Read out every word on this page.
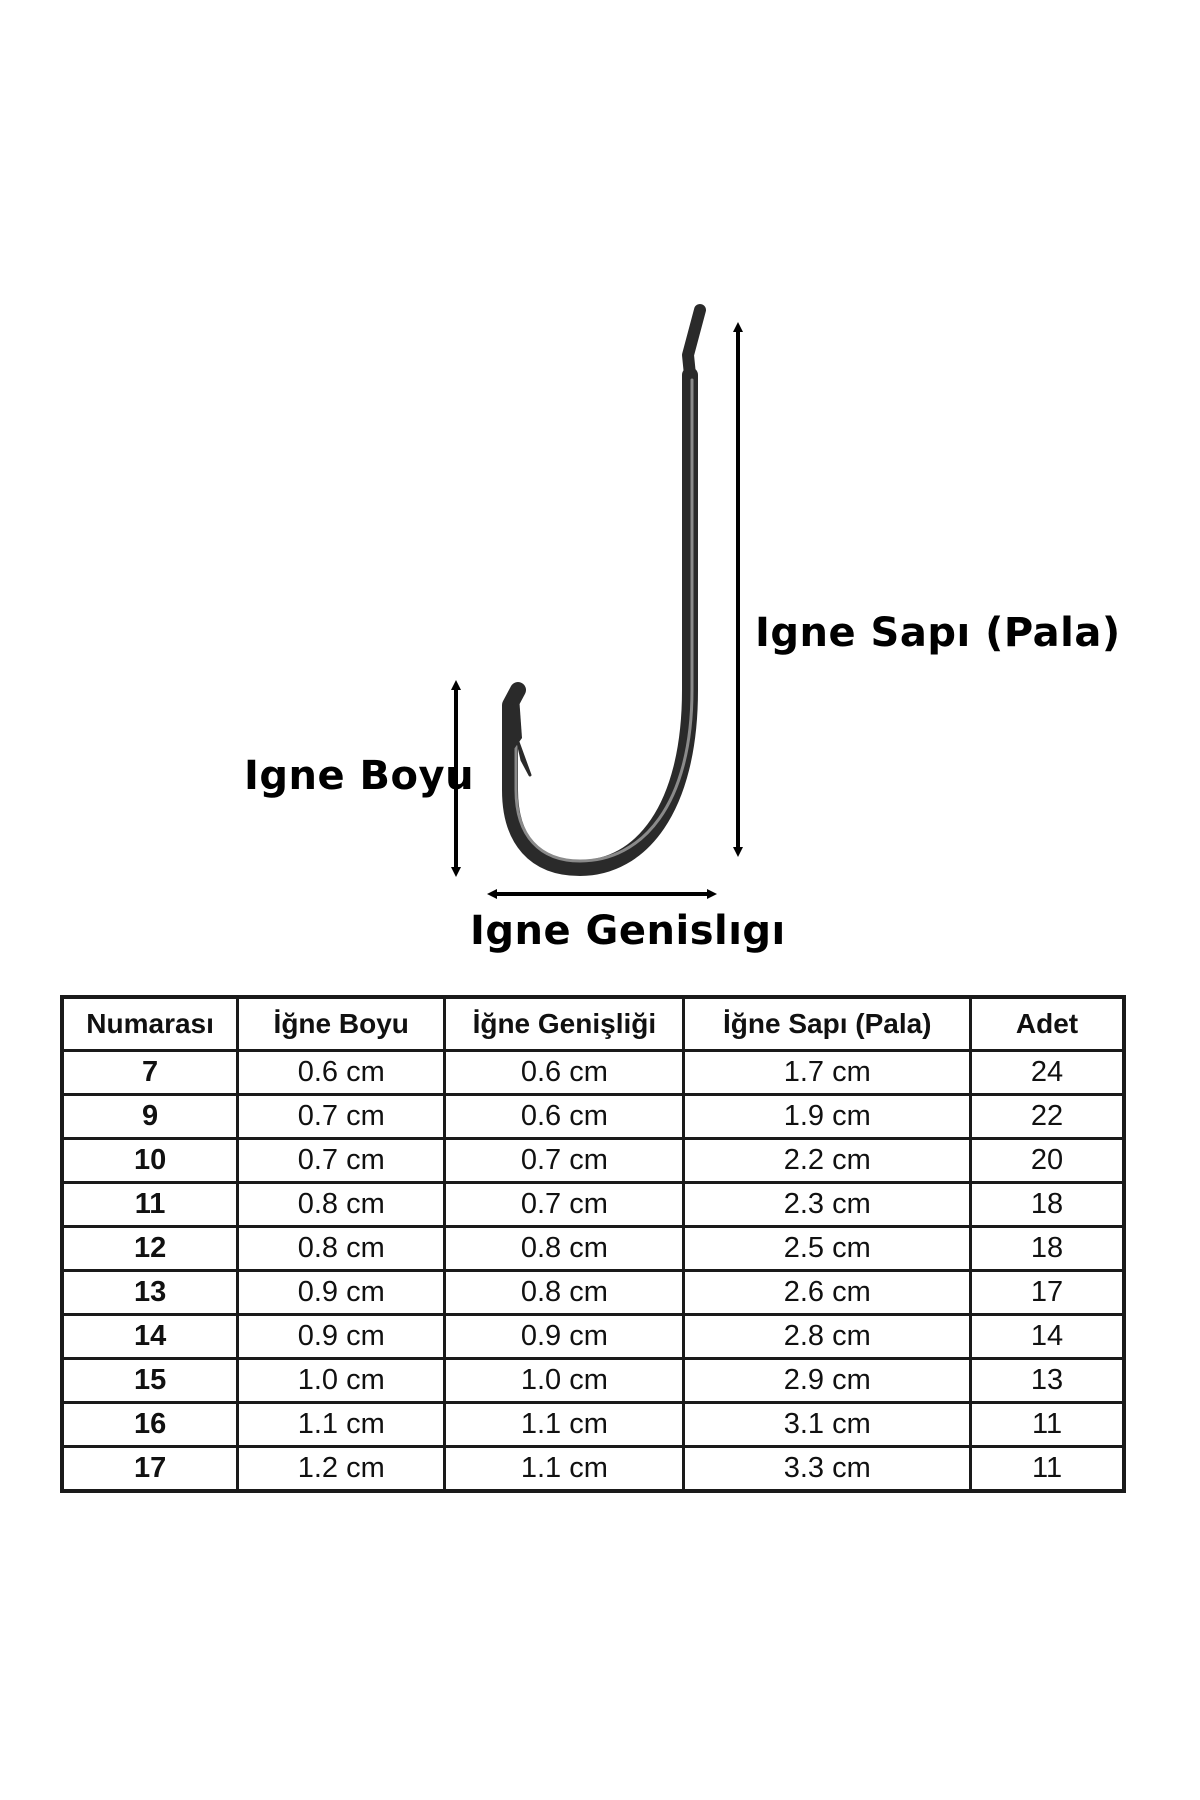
Igne Boyu
Igne Sapı (Pala)
Igne Genislıgı
Numarası	İğne Boyu	İğne Genişliği	İğne Sapı (Pala)	Adet
7	0.6 cm	0.6 cm	1.7 cm	24
9	0.7 cm	0.6 cm	1.9 cm	22
10	0.7 cm	0.7 cm	2.2 cm	20
11	0.8 cm	0.7 cm	2.3 cm	18
12	0.8 cm	0.8 cm	2.5 cm	18
13	0.9 cm	0.8 cm	2.6 cm	17
14	0.9 cm	0.9 cm	2.8 cm	14
15	1.0 cm	1.0 cm	2.9 cm	13
16	1.1 cm	1.1 cm	3.1 cm	11
17	1.2 cm	1.1 cm	3.3 cm	11
